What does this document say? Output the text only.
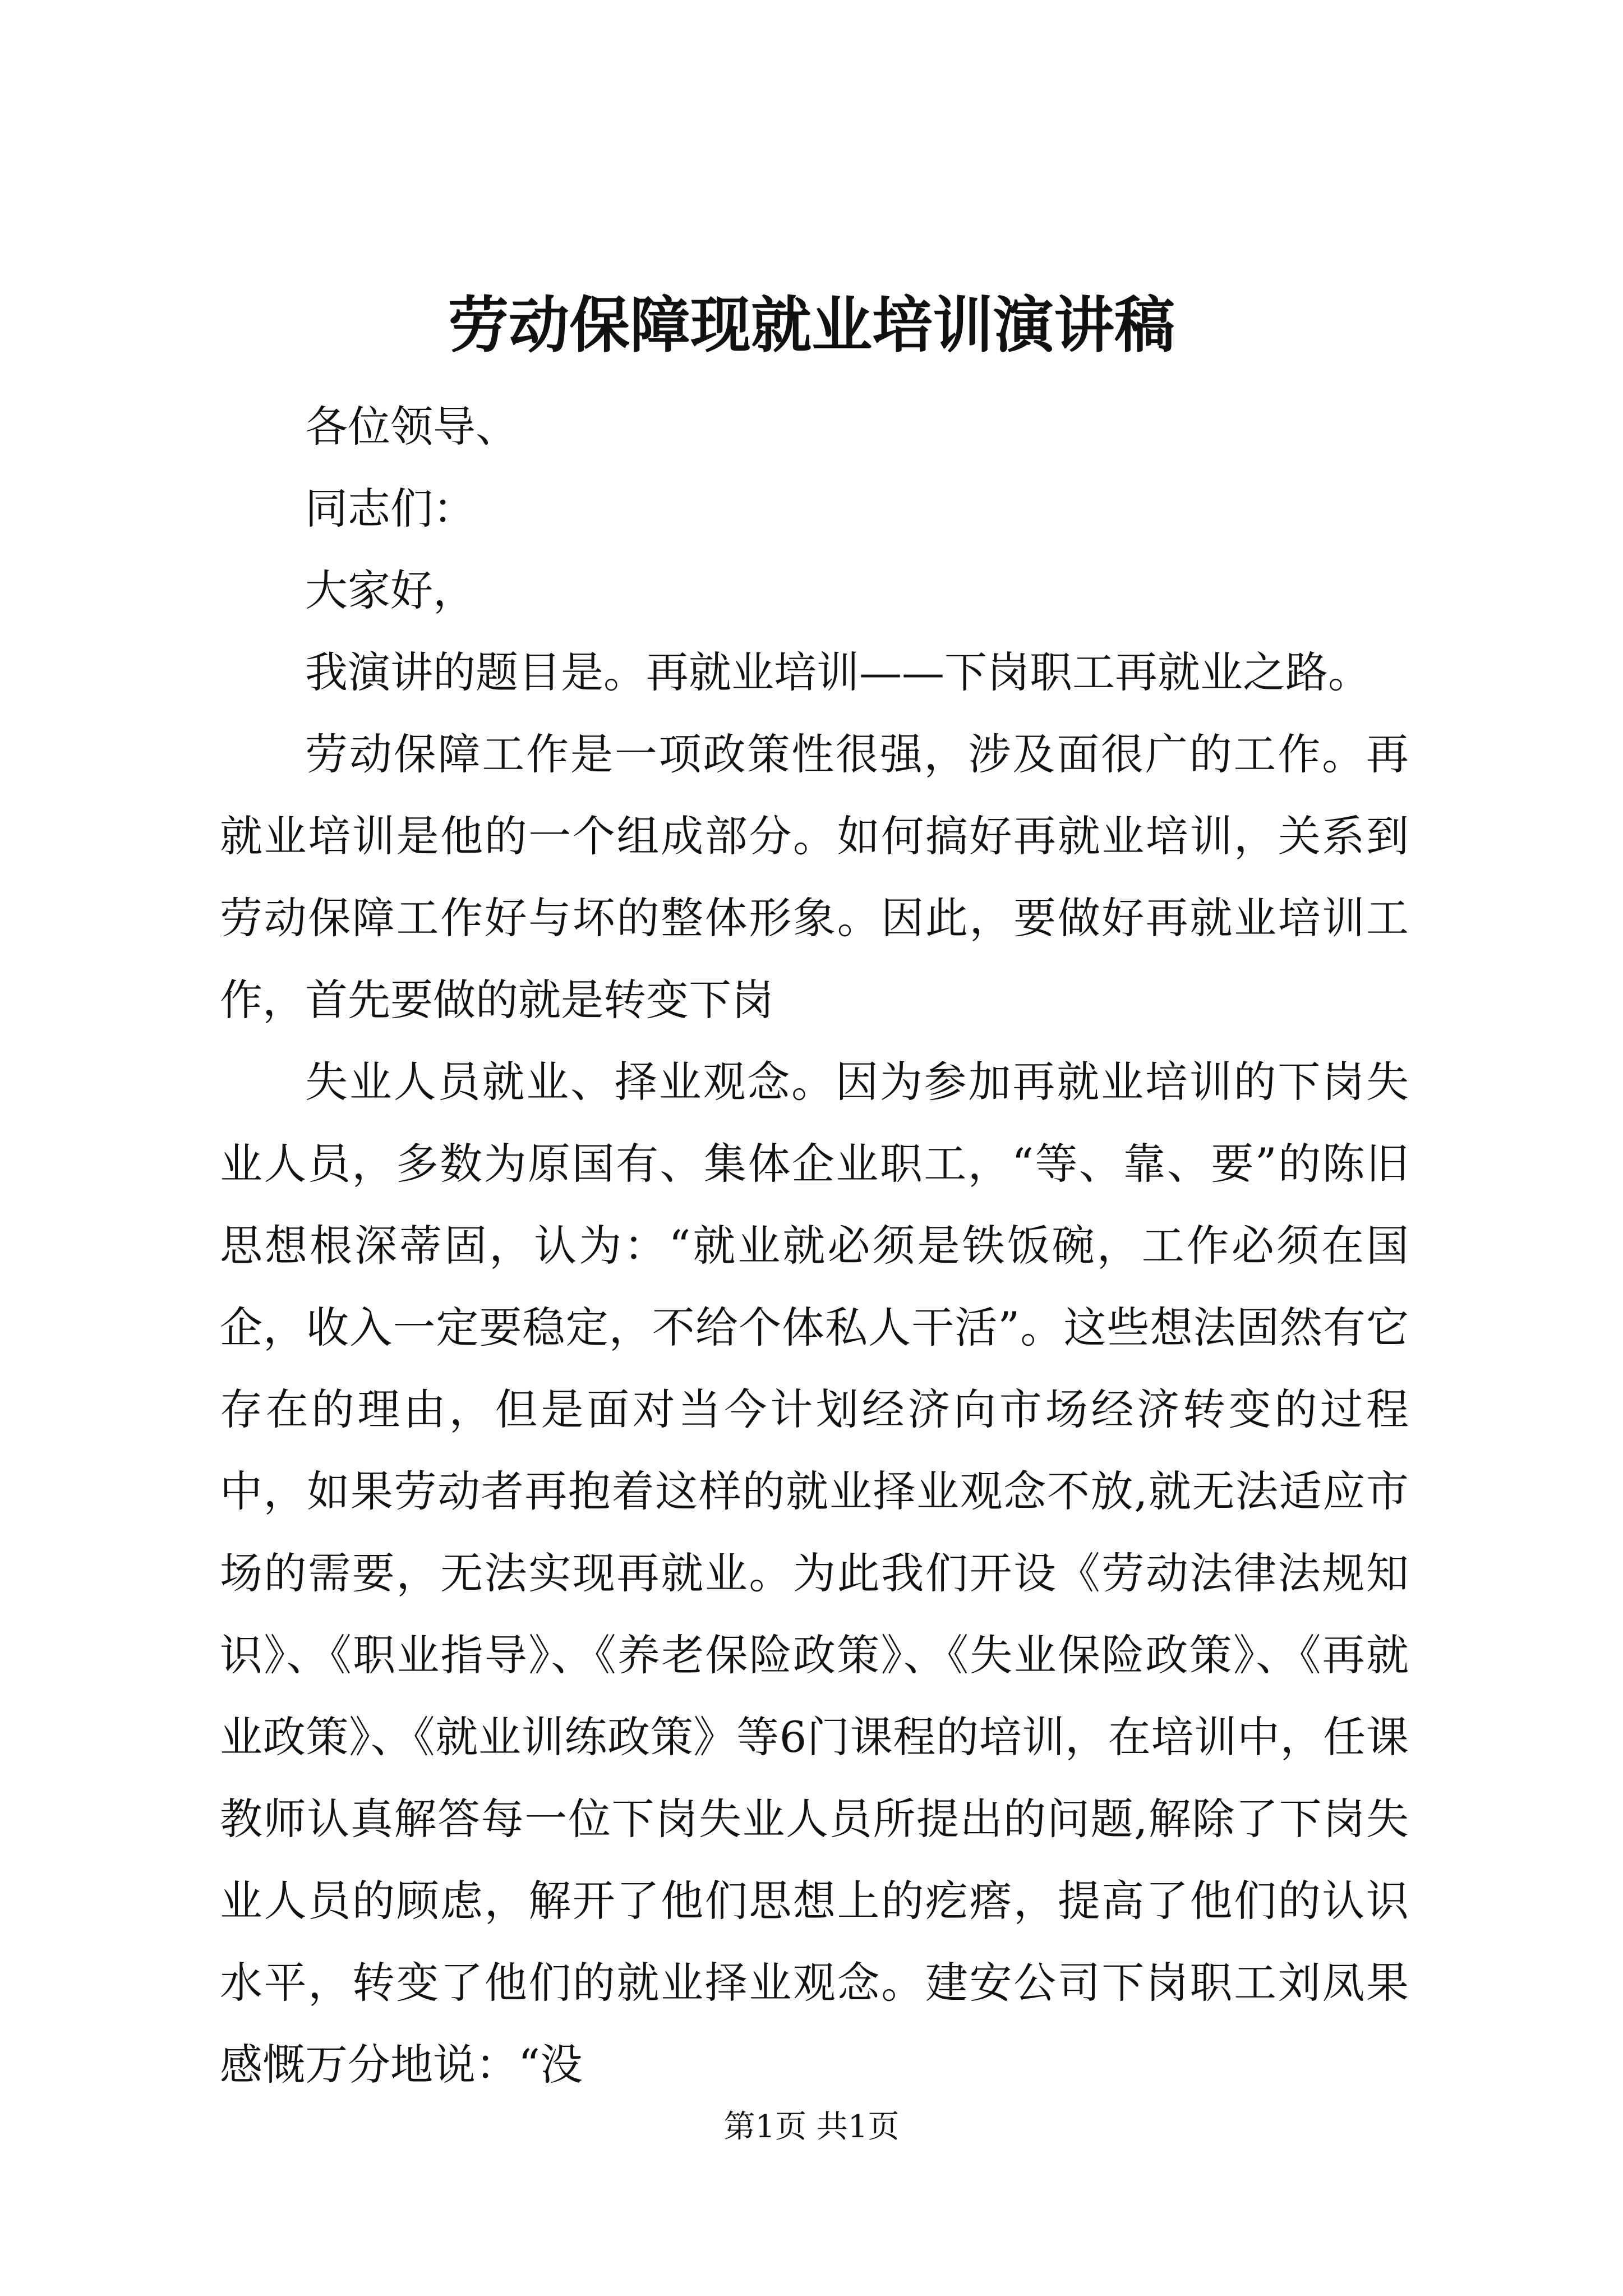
劳动保障现就业培训演讲稿

各位领导、

同志们：

大家好，

我演讲的题目是。再就业培训——下岗职工再就业之路。

劳动保障工作是一项政策性很强，涉及面很广的工作。再就业培训是他的一个组成部分。如何搞好再就业培训，关系到劳动保障工作好与坏的整体形象。因此，要做好再就业培训工作，首先要做的就是转变下岗

失业人员就业、择业观念。因为参加再就业培训的下岗失业人员，多数为原国有、集体企业职工，“等、靠、要”的陈旧思想根深蒂固，认为：“就业就必须是铁饭碗，工作必须在国企，收入一定要稳定，不给个体私人干活”。这些想法固然有它存在的理由，但是面对当今计划经济向市场经济转变的过程中，如果劳动者再抱着这样的就业择业观念不放,就无法适应市场的需要，无法实现再就业。为此我们开设《劳动法律法规知识》、《职业指导》、《养老保险政策》、《失业保险政策》、《再就业政策》、《就业训练政策》等6门课程的培训，在培训中，任课教师认真解答每一位下岗失业人员所提出的问题,解除了下岗失业人员的顾虑，解开了他们思想上的疙瘩，提高了他们的认识水平，转变了他们的就业择业观念。建安公司下岗职工刘凤果感慨万分地说：“没

第1页 共1页
